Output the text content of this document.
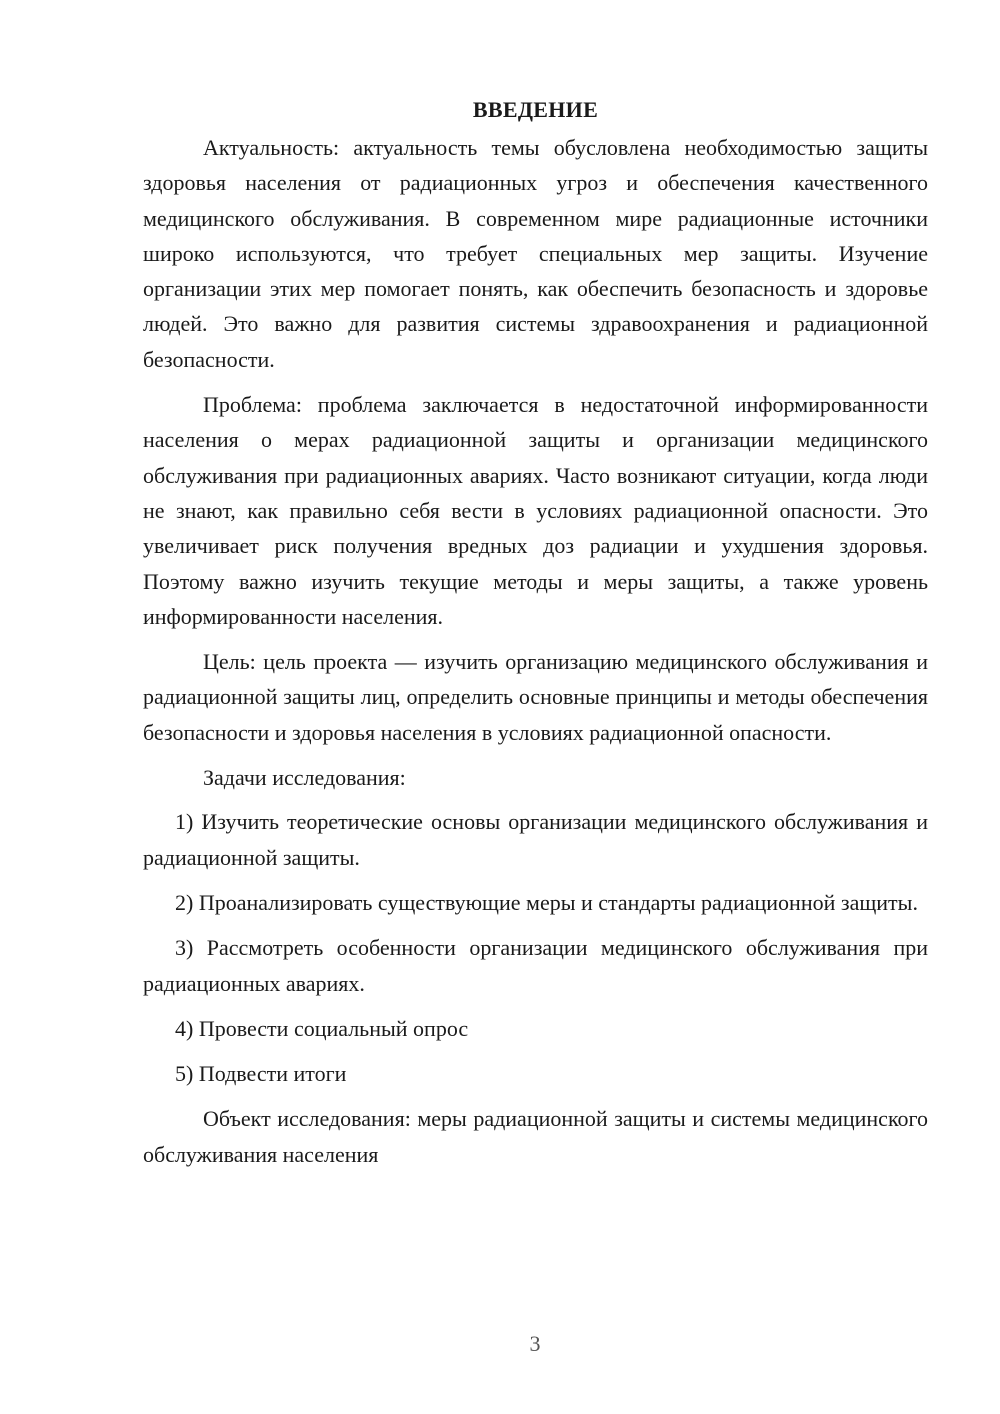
ВВЕДЕНИЕ

Актуальность: актуальность темы обусловлена необходимостью защиты здоровья населения от радиационных угроз и обеспечения качественного медицинского обслуживания. В современном мире радиационные источники широко используются, что требует специальных мер защиты. Изучение организации этих мер помогает понять, как обеспечить безопасность и здоровье людей. Это важно для развития системы здравоохранения и радиационной безопасности.

Проблема: проблема заключается в недостаточной информированности населения о мерах радиационной защиты и организации медицинского обслуживания при радиационных авариях. Часто возникают ситуации, когда люди не знают, как правильно себя вести в условиях радиационной опасности. Это увеличивает риск получения вредных доз радиации и ухудшения здоровья. Поэтому важно изучить текущие методы и меры защиты, а также уровень информированности населения.

Цель: цель проекта — изучить организацию медицинского обслуживания и радиационной защиты лиц, определить основные принципы и методы обеспечения безопасности и здоровья населения в условиях радиационной опасности.

Задачи исследования:

1) Изучить теоретические основы организации медицинского обслуживания и радиационной защиты.

2) Проанализировать существующие меры и стандарты радиационной защиты.

3) Рассмотреть особенности организации медицинского обслуживания при радиационных авариях.

4) Провести социальный опрос

5) Подвести итоги

Объект исследования: меры радиационной защиты и системы медицинского обслуживания населения

3
